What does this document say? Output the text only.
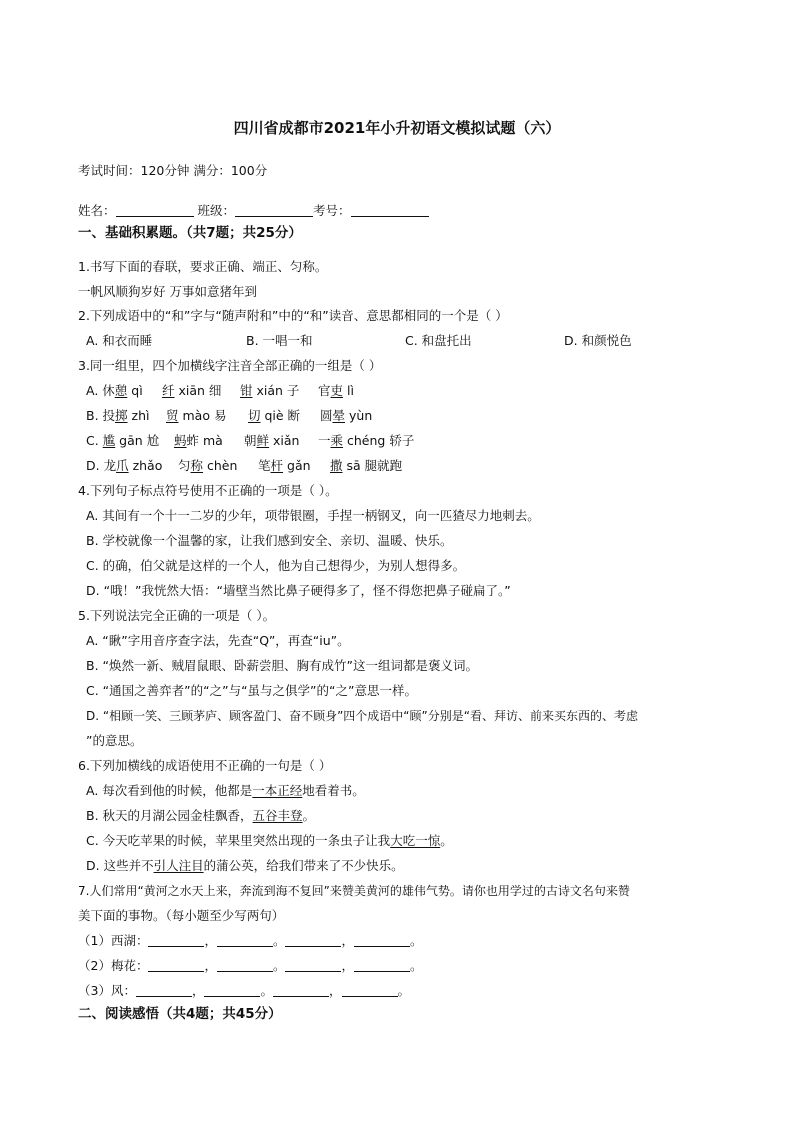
四川省成都市2021年小升初语文模拟试题（六）
考试时间：120分钟 满分：100分
姓名：	班级：	考号：
一、基础积累题。（共7题；共25分）
1.书写下面的春联，要求正确、端正、匀称。
一帆风顺狗岁好 万事如意猪年到
2.下列成语中的“和”字与“随声附和”中的“和”读音、意思都相同的一个是（ ）
A. 和衣而睡	B. 一唱一和	C. 和盘托出	D. 和颜悦色
3.同一组里，四个加横线字注音全部正确的一组是（ ）
A. 休憩 qì 纤 xiān 细 钳 xián 子 官吏 lì
B. 投掷 zhì 贸 mào 易 切 qiè 断 圆晕 yùn
C. 尴 gān 尬 蚂蚱 mà 朝鲜 xiǎn 一乘 chéng 轿子
D. 龙爪 zhǎo 匀称 chèn 笔杆 gǎn 撒 sā 腿就跑
4.下列句子标点符号使用不正确的一项是（ ）。
A. 其间有一个十一二岁的少年，项带银圈，手捏一柄钢叉，向一匹猹尽力地刺去。
B. 学校就像一个温馨的家，让我们感到安全、亲切、温暖、快乐。
C. 的确，伯父就是这样的一个人，他为自己想得少，为别人想得多。
D. “哦！”我恍然大悟：“墙壁当然比鼻子硬得多了，怪不得您把鼻子碰扁了。”
5.下列说法完全正确的一项是（ ）。
A. “瞅”字用音序查字法，先查“Q”，再查“iu”。
B. “焕然一新、贼眉鼠眼、卧薪尝胆、胸有成竹”这一组词都是褒义词。
C. “通国之善弈者”的“之”与“虽与之俱学”的“之”意思一样。
D. “相顾一笑、三顾茅庐、顾客盈门、奋不顾身”四个成语中“顾”分别是“看、拜访、前来买东西的、考虑
”的意思。
6.下列加横线的成语使用不正确的一句是（ ）
A. 每次看到他的时候，他都是一本正经地看着书。
B. 秋天的月湖公园金桂飘香，五谷丰登。
C. 今天吃苹果的时候，苹果里突然出现的一条虫子让我大吃一惊。
D. 这些并不引人注目的蒲公英，给我们带来了不少快乐。
7.人们常用“黄河之水天上来，奔流到海不复回”来赞美黄河的雄伟气势。请你也用学过的古诗文名句来赞
美下面的事物。（每小题至少写两句）
（1）西湖：	，	。	，	。
（2）梅花：	，	。	，	。
（3）风：	，	。	，	。
二、阅读感悟（共4题；共45分）
